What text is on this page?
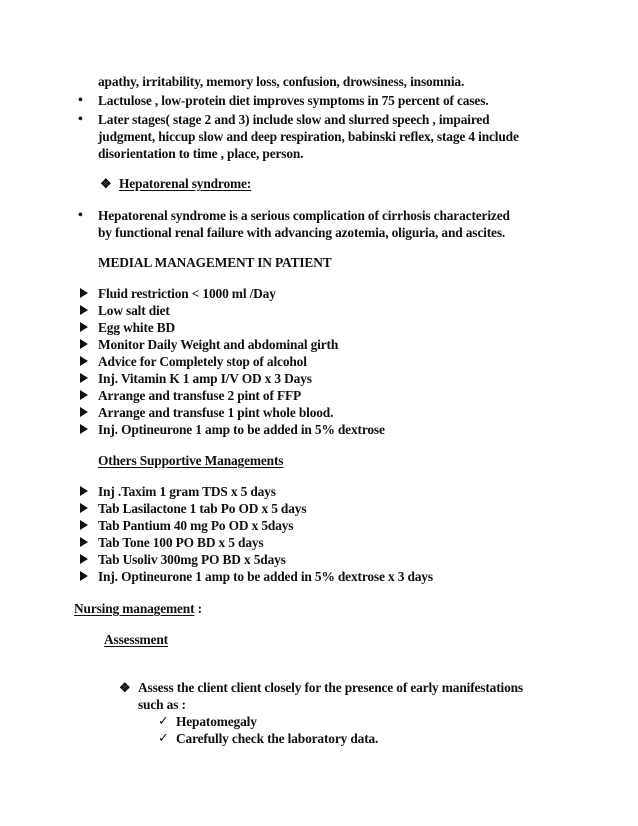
apathy, irritability, memory loss, confusion, drowsiness, insomnia.
• Lactulose , low-protein diet improves symptoms in 75 percent of cases.
• Later stages( stage 2 and 3) include slow and slurred speech , impaired
judgment, hiccup slow and deep respiration, babinski reflex, stage 4 include
disorientation to time , place, person.
❖ Hepatorenal syndrome:
• Hepatorenal syndrome is a serious complication of cirrhosis characterized
by functional renal failure with advancing azotemia, oliguria, and ascites.
MEDIAL MANAGEMENT IN PATIENT
Fluid restriction < 1000 ml /Day
Low salt diet
Egg white BD
Monitor Daily Weight and abdominal girth
Advice for Completely stop of alcohol
Inj. Vitamin K 1 amp I/V OD x 3 Days
Arrange and transfuse 2 pint of FFP
Arrange and transfuse 1 pint whole blood.
Inj. Optineurone 1 amp to be added in 5% dextrose
Others Supportive Managements
Inj .Taxim 1 gram TDS x 5 days
Tab Lasilactone 1 tab Po OD x 5 days
Tab Pantium 40 mg Po OD x 5days
Tab Tone 100 PO BD x 5 days
Tab Usoliv 300mg PO BD x 5days
Inj. Optineurone 1 amp to be added in 5% dextrose x 3 days
Nursing management :
Assessment
❖ Assess the client client closely for the presence of early manifestations
such as :
✓ Hepatomegaly
✓ Carefully check the laboratory data.
